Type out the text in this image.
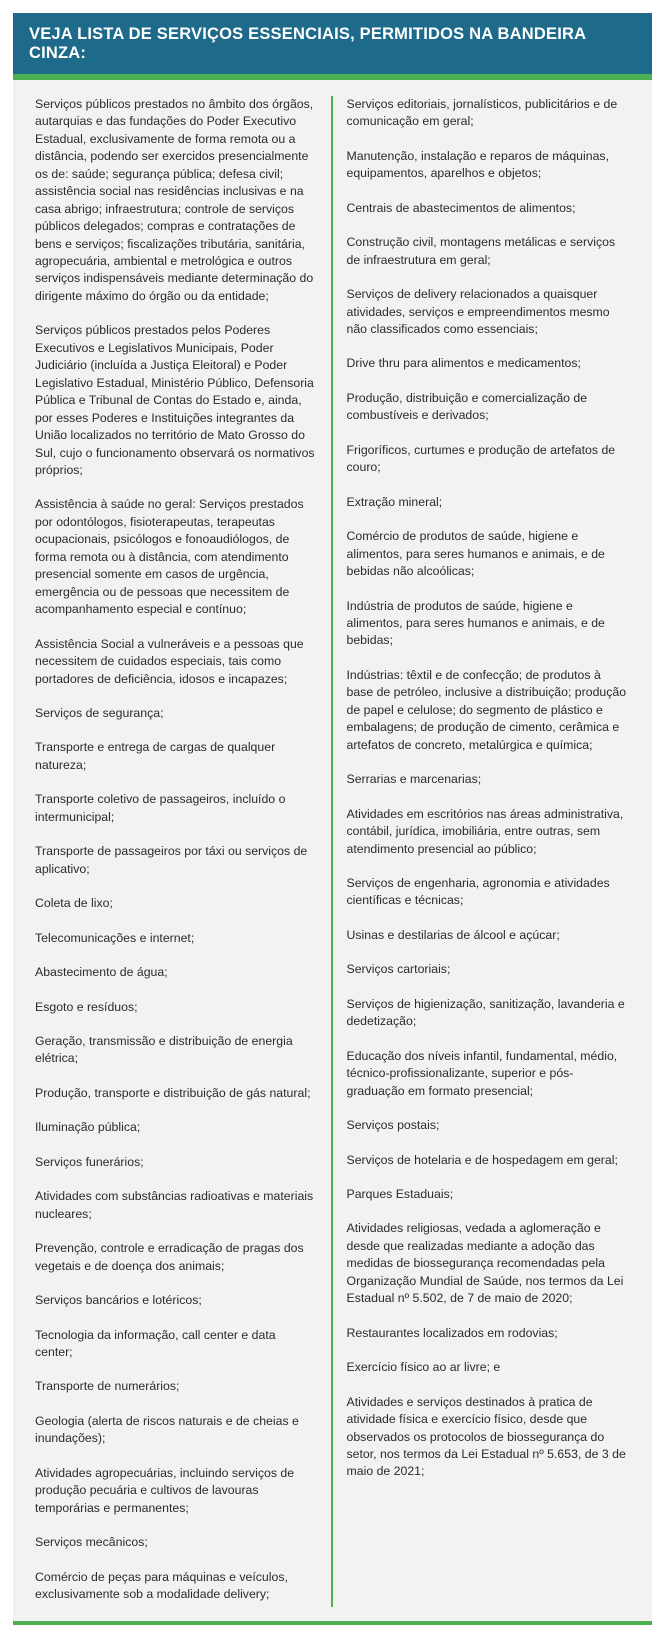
VEJA LISTA DE SERVIÇOS ESSENCIAIS, PERMITIDOS NA BANDEIRA CINZA:
Serviços públicos prestados no âmbito dos órgãos, autarquias e das fundações do Poder Executivo Estadual, exclusivamente de forma remota ou a distância, podendo ser exercidos presencialmente os de: saúde; segurança pública; defesa civil; assistência social nas residências inclusivas e na casa abrigo; infraestrutura; controle de serviços públicos delegados; compras e contratações de bens e serviços; fiscalizações tributária, sanitária, agropecuária, ambiental e metrológica e outros serviços indispensáveis mediante determinação do dirigente máximo do órgão ou da entidade;
Serviços públicos prestados pelos Poderes Executivos e Legislativos Municipais, Poder Judiciário (incluída a Justiça Eleitoral) e Poder Legislativo Estadual, Ministério Público, Defensoria Pública e Tribunal de Contas do Estado e, ainda, por esses Poderes e Instituições integrantes da União localizados no território de Mato Grosso do Sul, cujo o funcionamento observará os normativos próprios;
Assistência à saúde no geral: Serviços prestados por odontólogos, fisioterapeutas, terapeutas ocupacionais, psicólogos e fonoaudiólogos, de forma remota ou à distância, com atendimento presencial somente em casos de urgência, emergência ou de pessoas que necessitem de acompanhamento especial e contínuo;
Assistência Social a vulneráveis e a pessoas que necessitem de cuidados especiais, tais como portadores de deficiência, idosos e incapazes;
Serviços de segurança;
Transporte e entrega de cargas de qualquer natureza;
Transporte coletivo de passageiros, incluído o intermunicipal;
Transporte de passageiros por táxi ou serviços de aplicativo;
Coleta de lixo;
Telecomunicações e internet;
Abastecimento de água;
Esgoto e resíduos;
Geração, transmissão e distribuição de energia elétrica;
Produção, transporte e distribuição de gás natural;
Iluminação pública;
Serviços funerários;
Atividades com substâncias radioativas e materiais nucleares;
Prevenção, controle e erradicação de pragas dos vegetais e de doença dos animais;
Serviços bancários e lotéricos;
Tecnologia da informação, call center e data center;
Transporte de numerários;
Geologia (alerta de riscos naturais e de cheias e inundações);
Atividades agropecuárias, incluindo serviços de produção pecuária e cultivos de lavouras temporárias e permanentes;
Serviços mecânicos;
Comércio de peças para máquinas e veículos, exclusivamente sob a modalidade delivery;
Serviços editoriais, jornalísticos, publicitários e de comunicação em geral;
Manutenção, instalação e reparos de máquinas, equipamentos, aparelhos e objetos;
Centrais de abastecimentos de alimentos;
Construção civil, montagens metálicas e serviços de infraestrutura em geral;
Serviços de delivery relacionados a quaisquer atividades, serviços e empreendimentos mesmo não classificados como essenciais;
Drive thru para alimentos e medicamentos;
Produção, distribuição e comercialização de combustíveis e derivados;
Frigoríficos, curtumes e produção de artefatos de couro;
Extração mineral;
Comércio de produtos de saúde, higiene e alimentos, para seres humanos e animais, e de bebidas não alcoólicas;
Indústria de produtos de saúde, higiene e alimentos, para seres humanos e animais, e de bebidas;
Indústrias: têxtil e de confecção; de produtos à base de petróleo, inclusive a distribuição; produção de papel e celulose; do segmento de plástico e embalagens; de produção de cimento, cerâmica e artefatos de concreto, metalúrgica e química;
Serrarias e marcenarias;
Atividades em escritórios nas áreas administrativa, contábil, jurídica, imobiliária, entre outras, sem atendimento presencial ao público;
Serviços de engenharia, agronomia e atividades científicas e técnicas;
Usinas e destilarias de álcool e açúcar;
Serviços cartoriais;
Serviços de higienização, sanitização, lavanderia e dedetização;
Educação dos níveis infantil, fundamental, médio, técnico-profissionalizante, superior e pós-graduação em formato presencial;
Serviços postais;
Serviços de hotelaria e de hospedagem em geral;
Parques Estaduais;
Atividades religiosas, vedada a aglomeração e desde que realizadas mediante a adoção das medidas de biossegurança recomendadas pela Organização Mundial de Saúde, nos termos da Lei Estadual nº 5.502, de 7 de maio de 2020;
Restaurantes localizados em rodovias;
Exercício físico ao ar livre; e
Atividades e serviços destinados à pratica de atividade física e exercício físico, desde que observados os protocolos de biossegurança do setor, nos termos da Lei Estadual nº 5.653, de 3 de maio de 2021;
